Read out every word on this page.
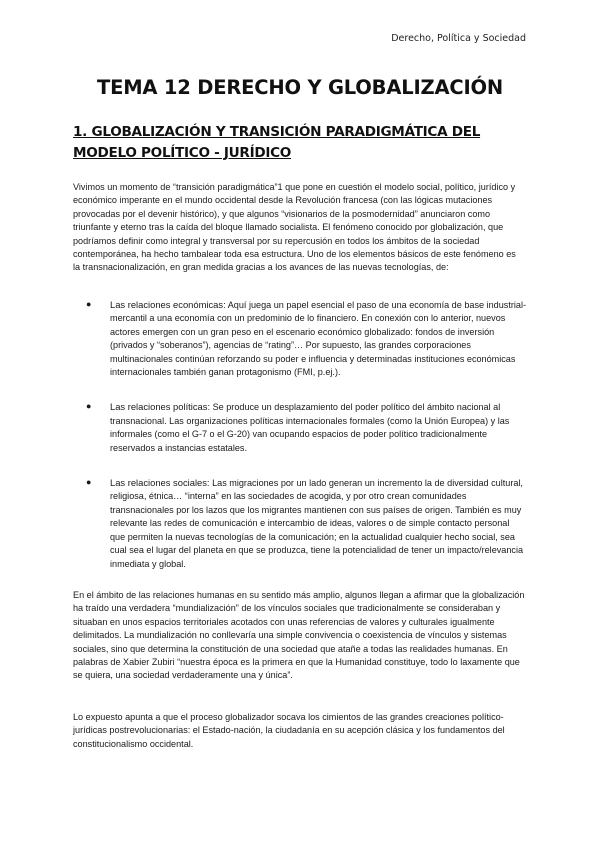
Derecho, Política y Sociedad
TEMA 12 DERECHO Y GLOBALIZACIÓN
1. GLOBALIZACIÓN Y TRANSICIÓN PARADIGMÁTICA DEL MODELO POLÍTICO - JURÍDICO

Vivimos un momento de “transición paradigmática”1 que pone en cuestión el modelo social, político, jurídico y económico imperante en el mundo occidental desde la Revolución francesa (con las lógicas mutaciones provocadas por el devenir histórico), y que algunos “visionarios de la posmodernidad” anunciaron como triunfante y eterno tras la caída del bloque llamado socialista. El fenómeno conocido por globalización, que podríamos definir como integral y transversal por su repercusión en todos los ámbitos de la sociedad contemporánea, ha hecho tambalear toda esa estructura. Uno de los elementos básicos de este fenómeno es la transnacionalización, en gran medida gracias a los avances de las nuevas tecnologías, de:

● Las relaciones económicas: Aquí juega un papel esencial el paso de una economía de base industrial-mercantil a una economía con un predominio de lo financiero. En conexión con lo anterior, nuevos actores emergen con un gran peso en el escenario económico globalizado: fondos de inversión (privados y “soberanos”), agencias de “rating”… Por supuesto, las grandes corporaciones multinacionales continúan reforzando su poder e influencia y determinadas instituciones económicas internacionales también ganan protagonismo (FMI, p.ej.).
● Las relaciones políticas: Se produce un desplazamiento del poder político del ámbito nacional al transnacional. Las organizaciones políticas internacionales formales (como la Unión Europea) y las informales (como el G-7 o el G-20) van ocupando espacios de poder político tradicionalmente reservados a instancias estatales.
● Las relaciones sociales: Las migraciones por un lado generan un incremento la de diversidad cultural, religiosa, étnica… “interna” en las sociedades de acogida, y por otro crean comunidades transnacionales por los lazos que los migrantes mantienen con sus países de origen. También es muy relevante las redes de comunicación e intercambio de ideas, valores o de simple contacto personal que permiten la nuevas tecnologías de la comunicación; en la actualidad cualquier hecho social, sea cual sea el lugar del planeta en que se produzca, tiene la potencialidad de tener un impacto/relevancia inmediata y global.

En el ámbito de las relaciones humanas en su sentido más amplio, algunos llegan a afirmar que la globalización ha traído una verdadera “mundialización” de los vínculos sociales que tradicionalmente se consideraban y situaban en unos espacios territoriales acotados con unas referencias de valores y culturales igualmente delimitados. La mundialización no conllevaría una simple convivencia o coexistencia de vínculos y sistemas sociales, sino que determina la constitución de una sociedad que atañe a todas las realidades humanas. En palabras de Xabier Zubiri “nuestra época es la primera en que la Humanidad constituye, todo lo laxamente que se quiera, una sociedad verdaderamente una y única”.

Lo expuesto apunta a que el proceso globalizador socava los cimientos de las grandes creaciones político-jurídicas postrevolucionarias: el Estado-nación, la ciudadanía en su acepción clásica y los fundamentos del constitucionalismo occidental.
